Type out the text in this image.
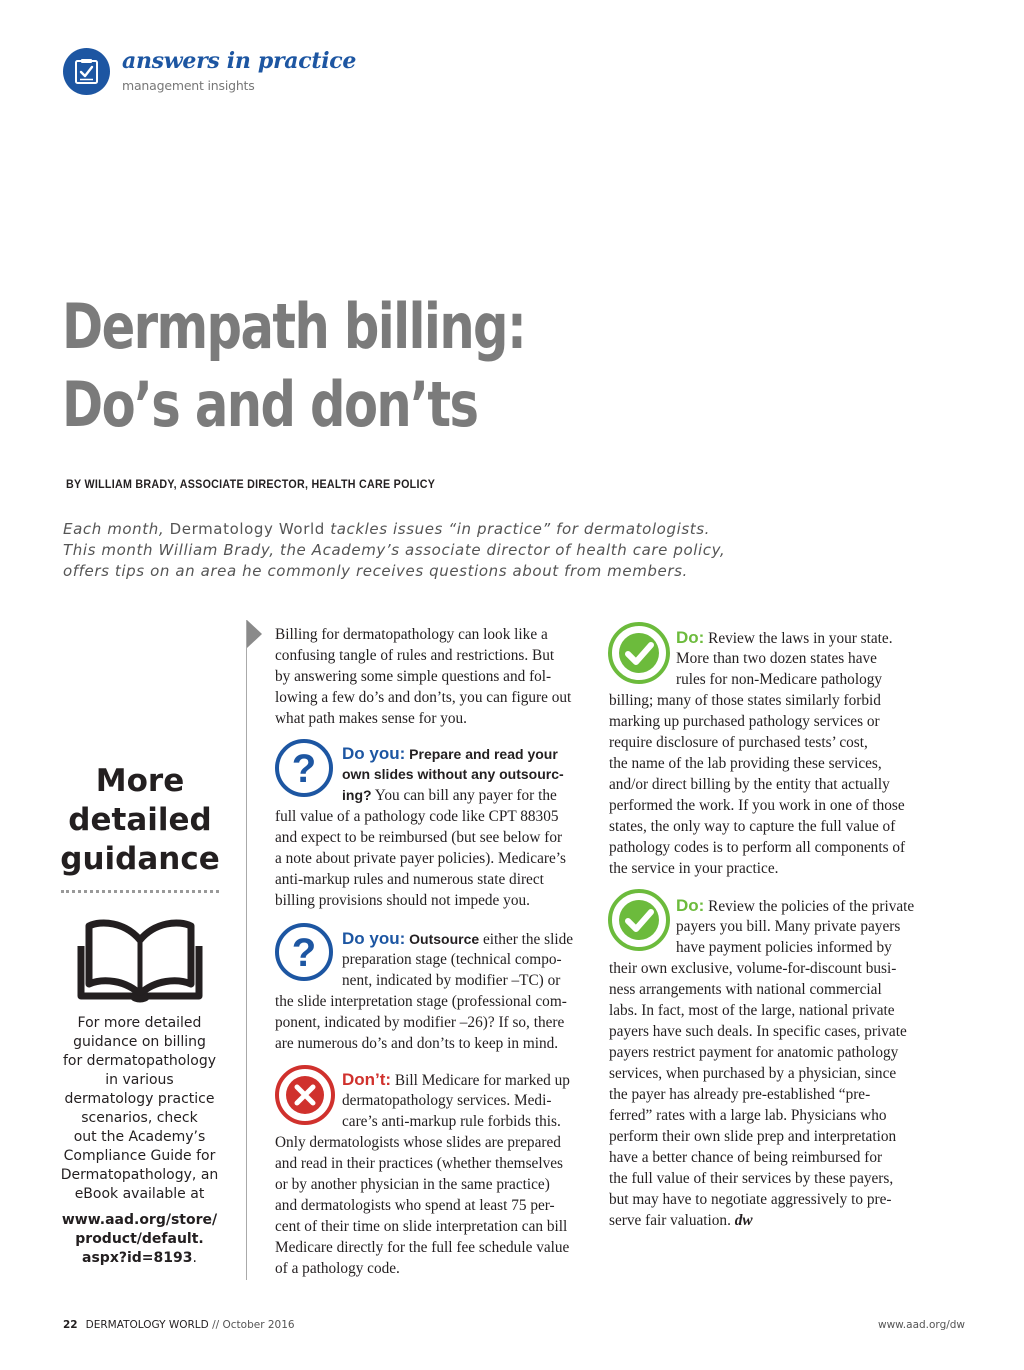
answers in practice
management insights
Dermpath billing:
Do’s and don’ts
BY WILLIAM BRADY, ASSOCIATE DIRECTOR, HEALTH CARE POLICY
Each month, Dermatology World tackles issues “in practice” for dermatologists.
This month William Brady, the Academy’s associate director of health care policy,
offers tips on an area he commonly receives questions about from members.
More
detailed
guidance
For more detailed
guidance on billing
for dermatopathology
in various
dermatology practice
scenarios, check
out the Academy’s
Compliance Guide for
Dermatopathology, an
eBook available at
www.aad.org/store/
product/default.
aspx?id=8193.
Billing for dermatopathology can look like a
confusing tangle of rules and restrictions. But
by answering some simple questions and fol-
lowing a few do’s and don’ts, you can figure out
what path makes sense for you.
? Do you: Prepare and read your
own slides without any outsourc-
ing? You can bill any payer for the
full value of a pathology code like CPT 88305
and expect to be reimbursed (but see below for
a note about private payer policies). Medicare’s
anti-markup rules and numerous state direct
billing provisions should not impede you.
? Do you: Outsource either the slide
preparation stage (technical compo-
nent, indicated by modifier –TC) or
the slide interpretation stage (professional com-
ponent, indicated by modifier –26)? If so, there
are numerous do’s and don’ts to keep in mind.
Don’t: Bill Medicare for marked up
dermatopathology services. Medi-
care’s anti-markup rule forbids this.
Only dermatologists whose slides are prepared
and read in their practices (whether themselves
or by another physician in the same practice)
and dermatologists who spend at least 75 per-
cent of their time on slide interpretation can bill
Medicare directly for the full fee schedule value
of a pathology code.
Do: Review the laws in your state.
More than two dozen states have
rules for non-Medicare pathology
billing; many of those states similarly forbid
marking up purchased pathology services or
require disclosure of purchased tests’ cost,
the name of the lab providing these services,
and/or direct billing by the entity that actually
performed the work. If you work in one of those
states, the only way to capture the full value of
pathology codes is to perform all components of
the service in your practice.
Do: Review the policies of the private
payers you bill. Many private payers
have payment policies informed by
their own exclusive, volume-for-discount busi-
ness arrangements with national commercial
labs. In fact, most of the large, national private
payers have such deals. In specific cases, private
payers restrict payment for anatomic pathology
services, when purchased by a physician, since
the payer has already pre-established “pre-
ferred” rates with a large lab. Physicians who
perform their own slide prep and interpretation
have a better chance of being reimbursed for
the full value of their services by these payers,
but may have to negotiate aggressively to pre-
serve fair valuation. dw
22 DERMATOLOGY WORLD // October 2016	www.aad.org/dw
